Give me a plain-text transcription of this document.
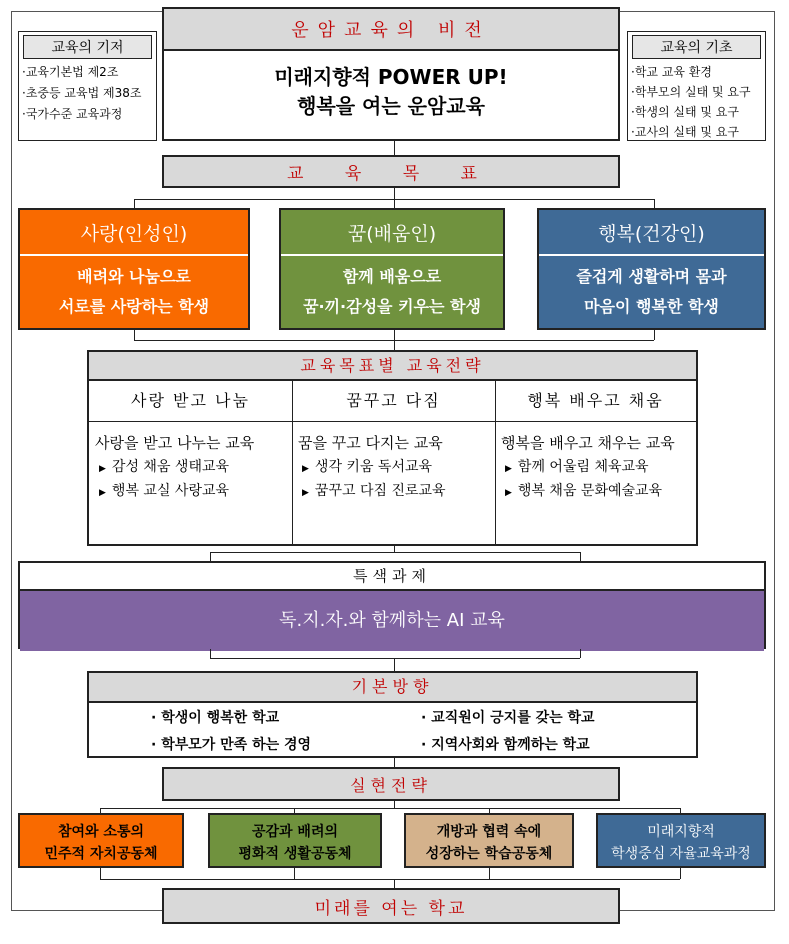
운암교육의 비전
미래지향적 POWER UP!
행복을 여는 운암교육
교육의 기저
·교육기본법 제2조
·초중등 교육법 제38조
·국가수준 교육과정
교육의 기초
·학교 교육 환경
·학부모의 실태 및 요구
·학생의 실태 및 요구
·교사의 실태 및 요구
교 육 목 표
사랑(인성인)
배려와 나눔으로
서로를 사랑하는 학생
꿈(배움인)
함께 배움으로
꿈·끼·감성을 키우는 학생
행복(건강인)
즐겁게 생활하며 몸과
마음이 행복한 학생
교육목표별 교육전략
사랑 받고 나눔
사랑을 받고 나누는 교육
▶ 감성 채움 생태교육
▶ 행복 교실 사랑교육
꿈꾸고 다짐
꿈을 꾸고 다지는 교육
▶ 생각 키움 독서교육
▶ 꿈꾸고 다짐 진로교육
행복 배우고 채움
행복을 배우고 채우는 교육
▶ 함께 어울림 체육교육
▶ 행복 채움 문화예술교육
특색과제
독.지.자.와 함께하는 AI 교육
기본방향
· 학생이 행복한 학교	· 교직원이 긍지를 갖는 학교
· 학부모가 만족 하는 경영	· 지역사회와 함께하는 학교
실현전략
참여와 소통의
민주적 자치공동체
공감과 배려의
평화적 생활공동체
개방과 협력 속에
성장하는 학습공동체
미래지향적
학생중심 자율교육과정
미래를 여는 학교
